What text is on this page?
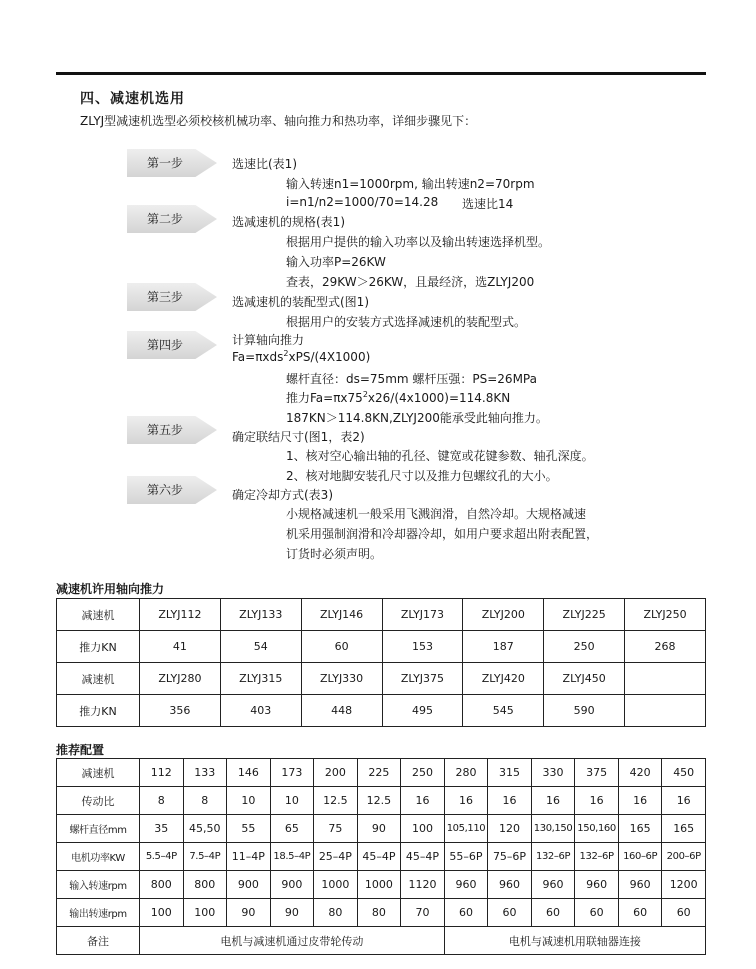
四、减速机选用
ZLYJ型减速机选型必须校核机械功率、轴向推力和热功率，详细步骤见下：
第一步
第二步
第三步
第四步
第五步
第六步
选速比(表1)
输入转速n1=1000rpm, 输出转速n2=70rpm
i=n1/n2=1000/70=14.28 选速比14
选减速机的规格(表1)
根据用户提供的输入功率以及输出转速选择机型。
输入功率P=26KW
查表，29KW＞26KW，且最经济，选ZLYJ200
选减速机的装配型式(图1)
根据用户的安装方式选择减速机的装配型式。
计算轴向推力
Fa=πxds$^2$xPS/(4X1000)
螺杆直径：ds=75mm 螺杆压强：PS=26MPa
推力$Fa=\pi x75^2x26/(4x1000)=114.8KN$
187KN＞114.8KN,ZLYJ200能承受此轴向推力。
确定联结尺寸(图1，表2)
1、核对空心输出轴的孔径、键宽或花键参数、轴孔深度。
2、核对地脚安装孔尺寸以及推力包螺纹孔的大小。
确定冷却方式(表3)
小规格减速机一般采用飞溅润滑，自然冷却。大规格减速
机采用强制润滑和冷却器冷却，如用户要求超出附表配置，
订货时必须声明。
减速机许用轴向推力
减速机	ZLYJ112	ZLYJ133	ZLYJ146	ZLYJ173	ZLYJ200	ZLYJ225	ZLYJ250
推力KN	41	54	60	153	187	250	268
减速机	ZLYJ280	ZLYJ315	ZLYJ330	ZLYJ375	ZLYJ420	ZLYJ450	
推力KN	356	403	448	495	545	590	
推荐配置
减速机	112	133	146	173	200	225	250	280	315	330	375	420	450
传动比	8	8	10	10	12.5	12.5	16	16	16	16	16	16	16
螺杆直径mm	35	45,50	55	65	75	90	100	105,110	120	130,150	150,160	165	165
电机功率KW	5.5–4P	7.5–4P	11–4P	18.5–4P	25–4P	45–4P	45–4P	55–6P	75–6P	132–6P	132–6P	160–6P	200–6P
输入转速rpm	800	800	900	900	1000	1000	1120	960	960	960	960	960	1200
输出转速rpm	100	100	90	90	80	80	70	60	60	60	60	60	60
备注	电机与减速机通过皮带轮传动							电机与减速机用联轴器连接					
